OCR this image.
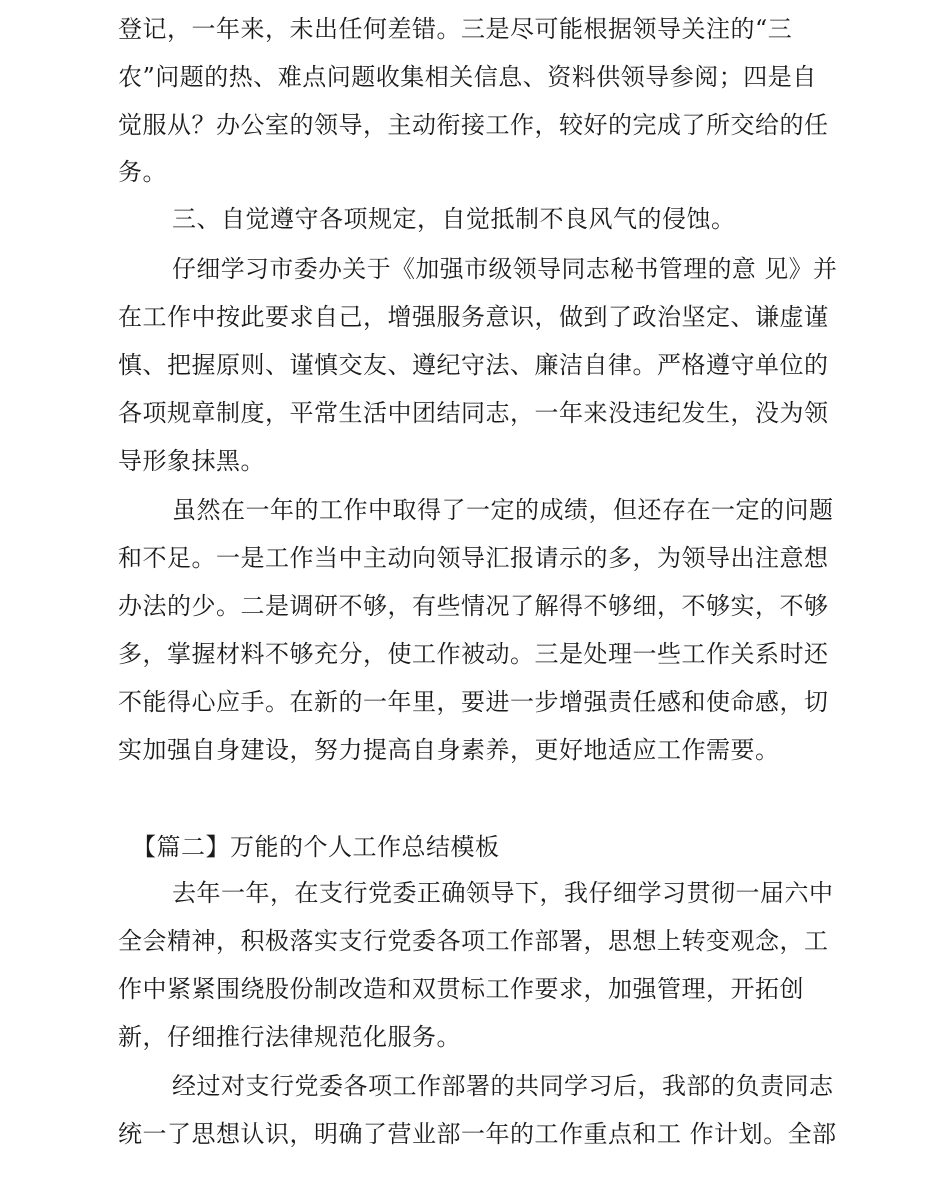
登记，一年来，未出任何差错。三是尽可能根据领导关注的“三
农”问题的热、难点问题收集相关信息、资料供领导参阅；四是自
觉服从？办公室的领导，主动衔接工作，较好的完成了所交给的任
务。
三、自觉遵守各项规定，自觉抵制不良风气的侵蚀。
仔细学习市委办关于《加强市级领导同志秘书管理的意 见》并
在工作中按此要求自己，增强服务意识，做到了政治坚定、谦虚谨
慎、把握原则、谨慎交友、遵纪守法、廉洁自律。严格遵守单位的
各项规章制度，平常生活中团结同志，一年来没违纪发生，没为领
导形象抹黑。
虽然在一年的工作中取得了一定的成绩，但还存在一定的问题
和不足。一是工作当中主动向领导汇报请示的多，为领导出注意想
办法的少。二是调研不够，有些情况了解得不够细，不够实，不够
多，掌握材料不够充分，使工作被动。三是处理一些工作关系时还
不能得心应手。在新的一年里，要进一步增强责任感和使命感，切
实加强自身建设，努力提高自身素养，更好地适应工作需要。
【篇二】万能的个人工作总结模板
去年一年，在支行党委正确领导下，我仔细学习贯彻一届六中
全会精神，积极落实支行党委各项工作部署，思想上转变观念，工
作中紧紧围绕股份制改造和双贯标工作要求，加强管理，开拓创
新，仔细推行法律规范化服务。
经过对支行党委各项工作部署的共同学习后，我部的负责同志
统一了思想认识，明确了营业部一年的工作重点和工 作计划。全部
